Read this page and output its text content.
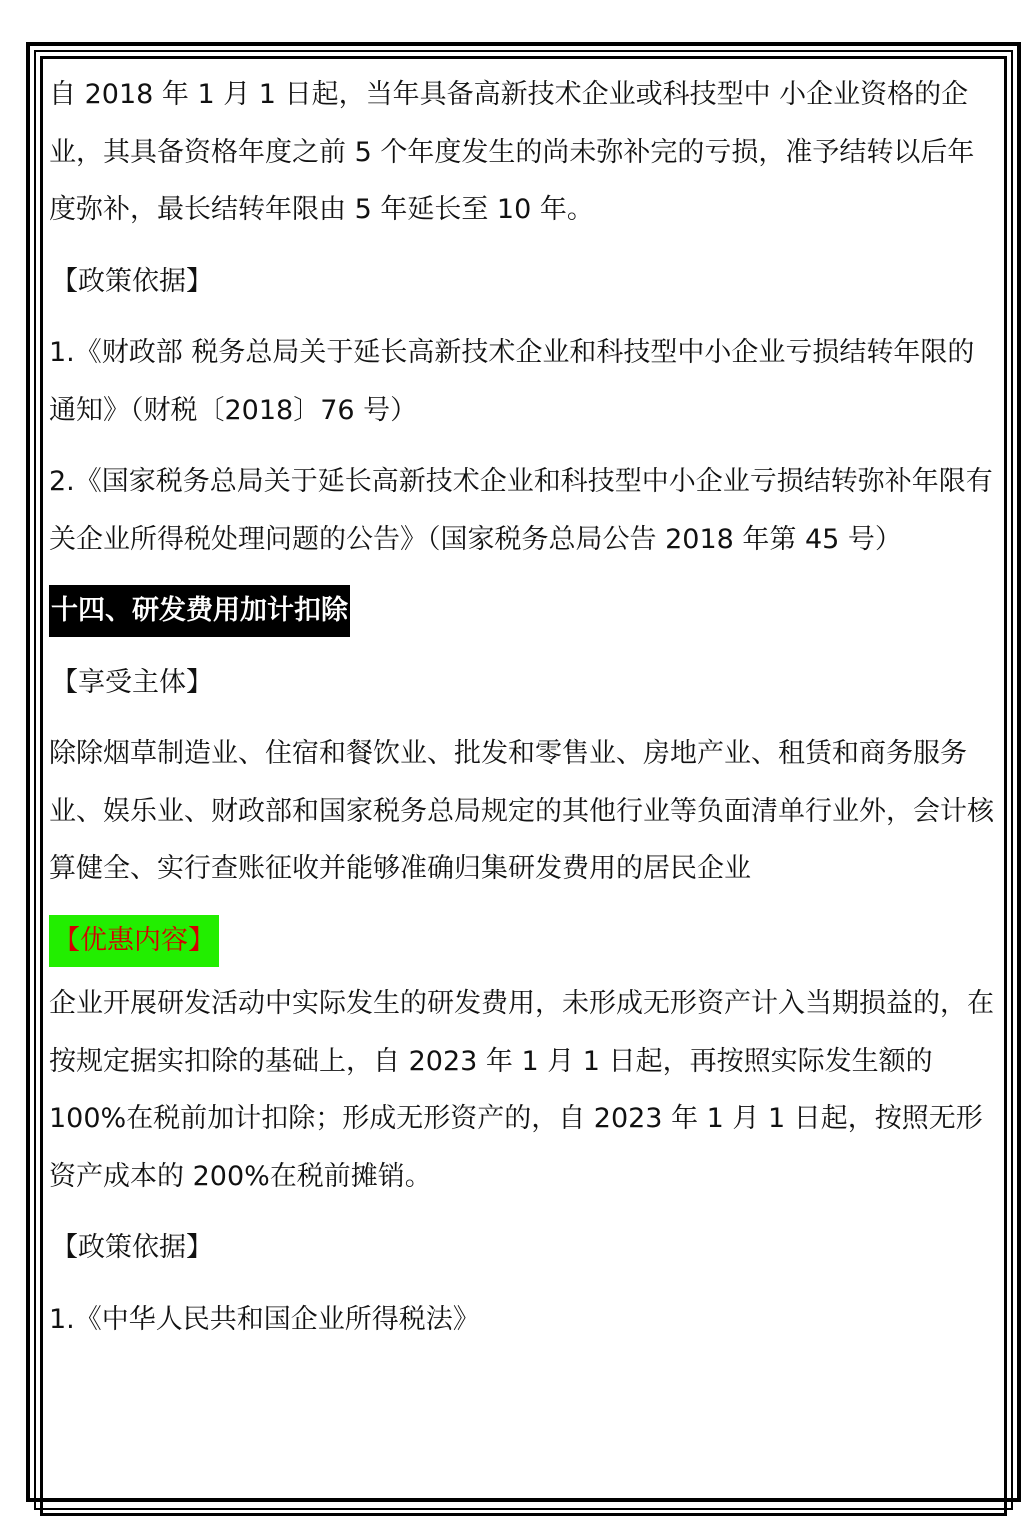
自 2018 年 1 月 1 日起，当年具备高新技术企业或科技型中 小企业资格的企业，其具备资格年度之前 5 个年度发生的尚未弥补完的亏损，准予结转以后年度弥补，最长结转年限由 5 年延长至 10 年。

【政策依据】

1.《财政部 税务总局关于延长高新技术企业和科技型中小企业亏损结转年限的通知》（财税〔2018〕76 号）

2.《国家税务总局关于延长高新技术企业和科技型中小企业亏损结转弥补年限有关企业所得税处理问题的公告》（国家税务总局公告 2018 年第 45 号）

十四、研发费用加计扣除

【享受主体】

除除烟草制造业、住宿和餐饮业、批发和零售业、房地产业、租赁和商务服务业、娱乐业、财政部和国家税务总局规定的其他行业等负面清单行业外，会计核算健全、实行查账征收并能够准确归集研发费用的居民企业

【优惠内容】

企业开展研发活动中实际发生的研发费用，未形成无形资产计入当期损益的，在按规定据实扣除的基础上，自 2023 年 1 月 1 日起，再按照实际发生额的 100%在税前加计扣除；形成无形资产的，自 2023 年 1 月 1 日起，按照无形资产成本的 200%在税前摊销。

【政策依据】

1.《中华人民共和国企业所得税法》
